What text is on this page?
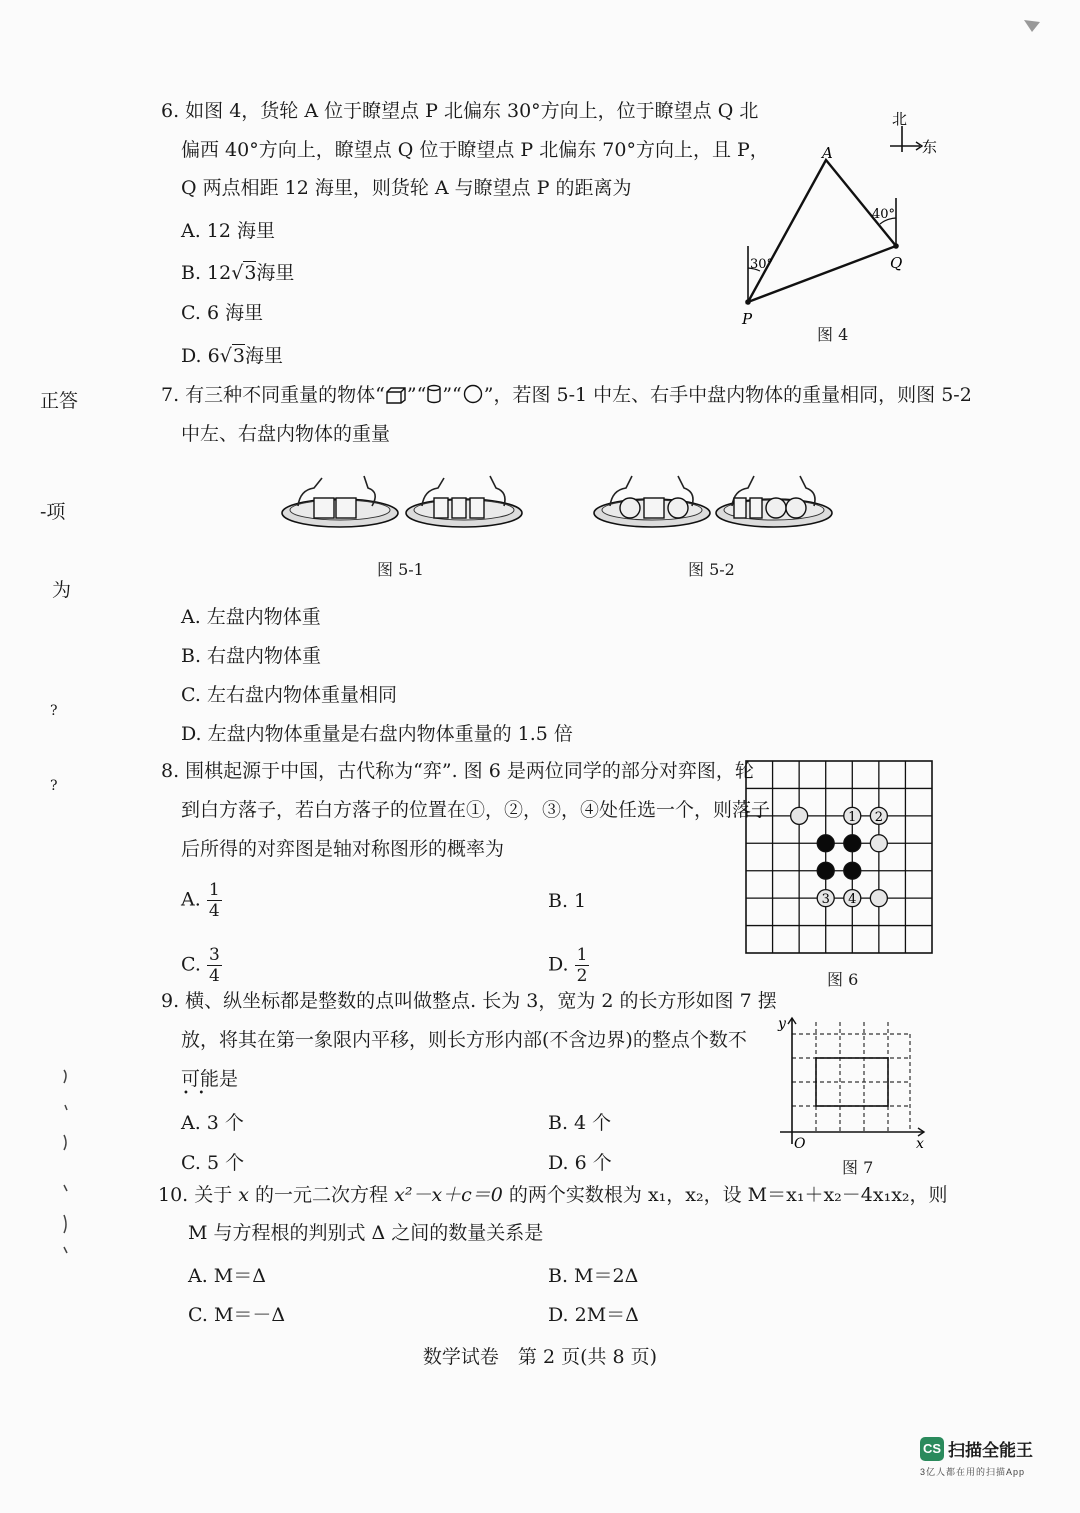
正答
-项
为
?
?
6. 如图 4，货轮 A 位于瞭望点 P 北偏东 30°方向上，位于瞭望点 Q 北
偏西 40°方向上，瞭望点 Q 位于瞭望点 P 北偏东 70°方向上，且 P，
Q 两点相距 12 海里，则货轮 A 与瞭望点 P 的距离为
A. 12 海里
B. 12√3海里
C. 6 海里
D. 6√3海里
北
东
A
P
Q
30°
40°
图 4
7. 有三种不同重量的物体“ ”“ ”“ ”，若图 5-1 中左、右手中盘内物体的重量相同，则图 5-2
中左、右盘内物体的重量
图 5-1	图 5-2
A. 左盘内物体重
B. 右盘内物体重
C. 左右盘内物体重量相同
D. 左盘内物体重量是右盘内物体重量的 1.5 倍
8. 围棋起源于中国，古代称为“弈”. 图 6 是两位同学的部分对弈图，轮
到白方落子，若白方落子的位置在①，②，③，④处任选一个，则落子
后所得的对弈图是轴对称图形的概率为
A. $\frac{1}{4}$	B. 1
C. $\frac{3}{4}$	D. $\frac{1}{2}$
1 2
3 4
图 6
9. 横、纵坐标都是整数的点叫做整点. 长为 3，宽为 2 的长方形如图 7 摆
放，将其在第一象限内平移，则长方形内部(不含边界)的整点个数不
可能是
•   •
A. 3 个	B. 4 个
C. 5 个	D. 6 个
y
x
O
图 7
10. 关于 x 的一元二次方程 x²－x＋c＝0 的两个实数根为 x₁，x₂，设 M＝x₁＋x₂－4x₁x₂，则
M 与方程根的判别式 Δ 之间的数量关系是
A. M＝Δ	B. M＝2Δ
C. M＝－Δ	D. 2M＝Δ
数学试卷　第 2 页(共 8 页)
CS 扫描全能王
3亿人都在用的扫描App
